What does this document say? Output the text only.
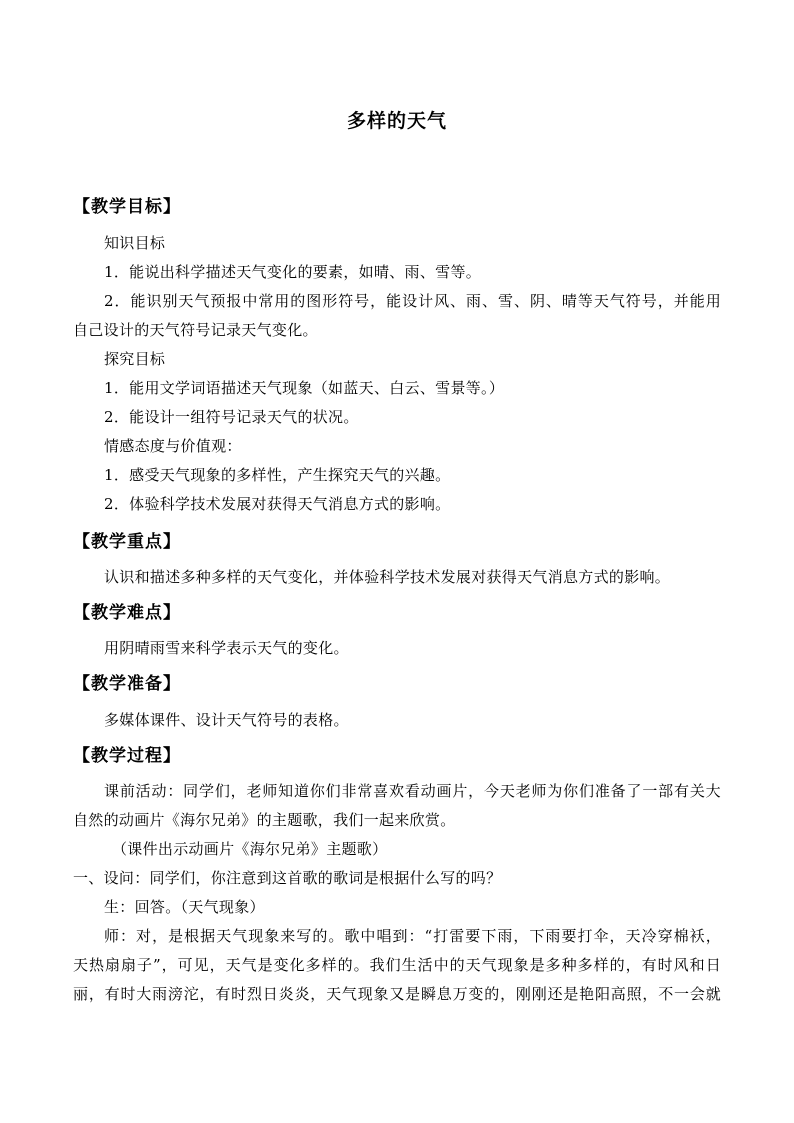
多样的天气
【教学目标】
知识目标
1．能说出科学描述天气变化的要素，如晴、雨、雪等。
2．能识别天气预报中常用的图形符号，能设计风、雨、雪、阴、晴等天气符号，并能用
自己设计的天气符号记录天气变化。
探究目标
1．能用文学词语描述天气现象（如蓝天、白云、雪景等。）
2．能设计一组符号记录天气的状况。
情感态度与价值观：
1．感受天气现象的多样性，产生探究天气的兴趣。
2．体验科学技术发展对获得天气消息方式的影响。
【教学重点】
认识和描述多种多样的天气变化，并体验科学技术发展对获得天气消息方式的影响。
【教学难点】
用阴晴雨雪来科学表示天气的变化。
【教学准备】
多媒体课件、设计天气符号的表格。
【教学过程】
课前活动：同学们，老师知道你们非常喜欢看动画片，今天老师为你们准备了一部有关大
自然的动画片《海尔兄弟》的主题歌，我们一起来欣赏。
（课件出示动画片《海尔兄弟》主题歌）
一、设问：同学们，你注意到这首歌的歌词是根据什么写的吗？
生：回答。（天气现象）
师：对，是根据天气现象来写的。歌中唱到：“打雷要下雨，下雨要打伞，天冷穿棉袄，
天热扇扇子”，可见，天气是变化多样的。我们生活中的天气现象是多种多样的，有时风和日
丽，有时大雨滂沱，有时烈日炎炎，天气现象又是瞬息万变的，刚刚还是艳阳高照，不一会就
